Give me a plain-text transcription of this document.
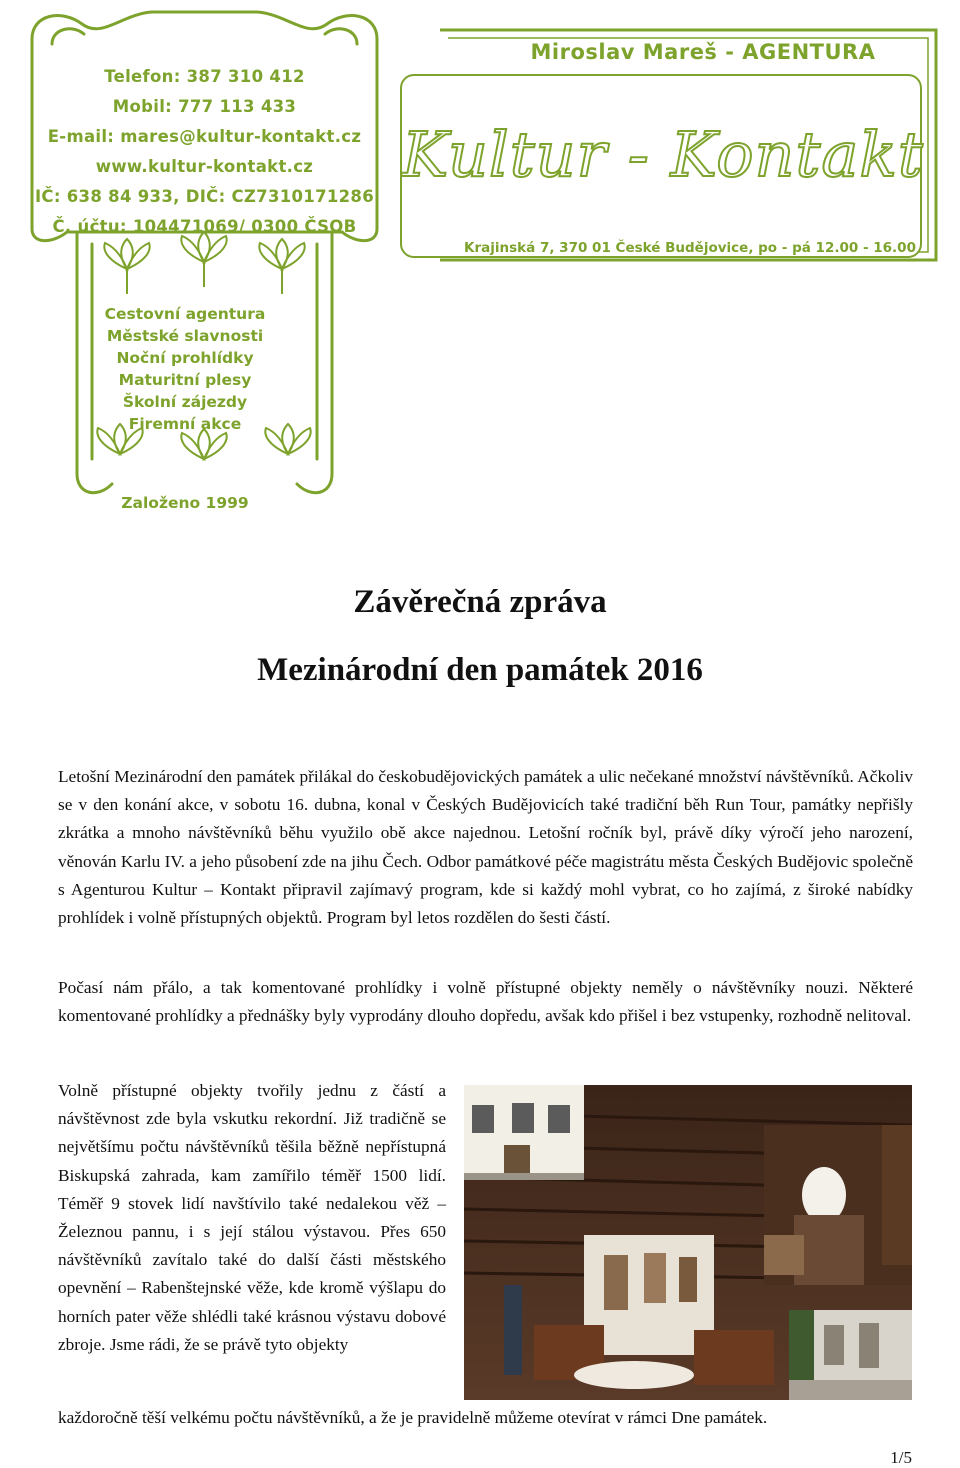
Telefon: 387 310 412
Mobil: 777 113 433
E-mail: mares@kultur-kontakt.cz
www.kultur-kontakt.cz
IČ: 638 84 933, DIČ: CZ7310171286
Č. účtu: 104471069/ 0300 ČSOB
Cestovní agentura
Městské slavnosti
Noční prohlídky
Maturitní plesy
Školní zájezdy
Firemní akce
Založeno 1999
Miroslav Mareš - AGENTURA
Kultur - Kontakt
Krajinská 7, 370 01 České Budějovice, po - pá 12.00 - 16.00
Závěrečná zpráva
Mezinárodní den památek 2016
Letošní Mezinárodní den památek přilákal do českobudějovických památek a ulic nečekané množství návštěvníků. Ačkoliv se v den konání akce, v sobotu 16. dubna, konal v Českých Budějovicích také tradiční běh Run Tour, památky nepřišly zkrátka a mnoho návštěvníků běhu využilo obě akce najednou. Letošní ročník byl, právě díky výročí jeho narození, věnován Karlu IV. a jeho působení zde na jihu Čech. Odbor památkové péče magistrátu města Českých Budějovic společně s Agenturou Kultur – Kontakt připravil zajímavý program, kde si každý mohl vybrat, co ho zajímá, z široké nabídky prohlídek i volně přístupných objektů. Program byl letos rozdělen do šesti částí.
Počasí nám přálo, a tak komentované prohlídky i volně přístupné objekty neměly o návštěvníky nouzi. Některé komentované prohlídky a přednášky byly vyprodány dlouho dopředu, avšak kdo přišel i bez vstupenky, rozhodně nelitoval.
Volně přístupné objekty tvořily jednu z částí a návštěvnost zde byla vskutku rekordní. Již tradičně se největšímu počtu návštěvníků těšila běžně nepřístupná Biskupská zahrada, kam zamířilo téměř 1500 lidí. Téměř 9 stovek lidí navštívilo také nedalekou věž – Železnou pannu, i s její stálou výstavou. Přes 650 návštěvníků zavítalo také do další části městského opevnění – Rabenštejnské věže, kde kromě výšlapu do horních pater věže shlédli také krásnou výstavu dobové zbroje. Jsme rádi, že se právě tyto objekty
každoročně těší velkému počtu návštěvníků, a že je pravidelně můžeme otevírat v rámci Dne památek.
1/5
